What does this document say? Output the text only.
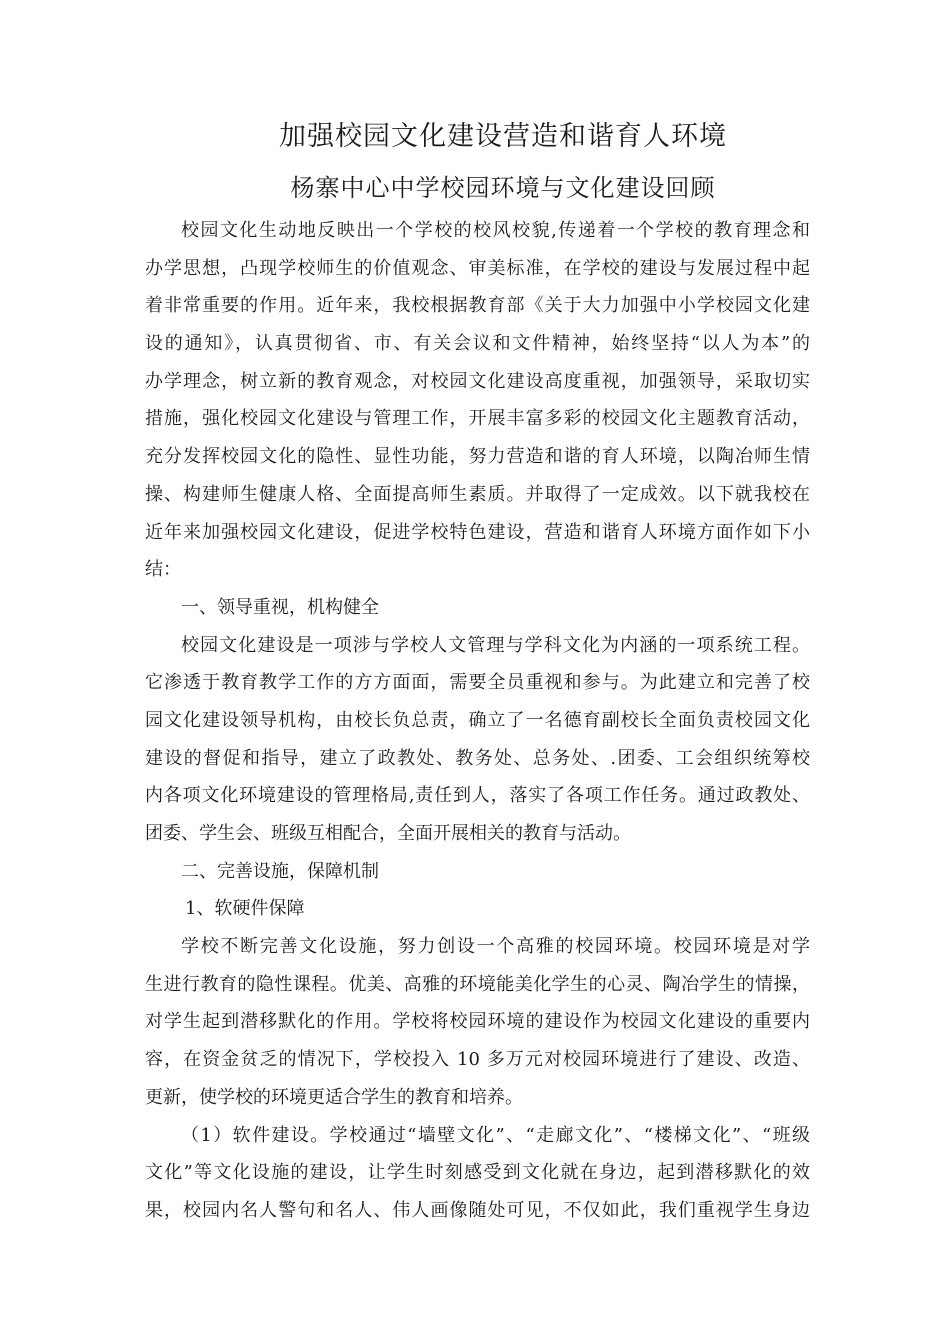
加强校园文化建设营造和谐育人环境
杨寨中心中学校园环境与文化建设回顾
校园文化生动地反映出一个学校的校风校貌,传递着一个学校的教育理念和
办学思想，凸现学校师生的价值观念、审美标准，在学校的建设与发展过程中起
着非常重要的作用。近年来，我校根据教育部《关于大力加强中小学校园文化建
设的通知》，认真贯彻省、市、有关会议和文件精神，始终坚持“以人为本”的
办学理念，树立新的教育观念，对校园文化建设高度重视，加强领导，采取切实
措施，强化校园文化建设与管理工作，开展丰富多彩的校园文化主题教育活动，
充分发挥校园文化的隐性、显性功能，努力营造和谐的育人环境，以陶冶师生情
操、构建师生健康人格、全面提高师生素质。并取得了一定成效。以下就我校在
近年来加强校园文化建设，促进学校特色建设，营造和谐育人环境方面作如下小
结：
一、领导重视，机构健全
校园文化建设是一项涉与学校人文管理与学科文化为内涵的一项系统工程。
它渗透于教育教学工作的方方面面，需要全员重视和参与。为此建立和完善了校
园文化建设领导机构，由校长负总责，确立了一名德育副校长全面负责校园文化
建设的督促和指导，建立了政教处、教务处、总务处、.团委、工会组织统筹校
内各项文化环境建设的管理格局,责任到人，落实了各项工作任务。通过政教处、
团委、学生会、班级互相配合，全面开展相关的教育与活动。
二、完善设施，保障机制
1、软硬件保障
学校不断完善文化设施，努力创设一个高雅的校园环境。校园环境是对学
生进行教育的隐性课程。优美、高雅的环境能美化学生的心灵、陶冶学生的情操，
对学生起到潜移默化的作用。学校将校园环境的建设作为校园文化建设的重要内
容，在资金贫乏的情况下，学校投入 10 多万元对校园环境进行了建设、改造、
更新，使学校的环境更适合学生的教育和培养。
（1）软件建设。学校通过“墙壁文化”、“走廊文化”、“楼梯文化”、“班级
文化”等文化设施的建设，让学生时刻感受到文化就在身边，起到潜移默化的效
果，校园内名人警句和名人、伟人画像随处可见，不仅如此，我们重视学生身边
